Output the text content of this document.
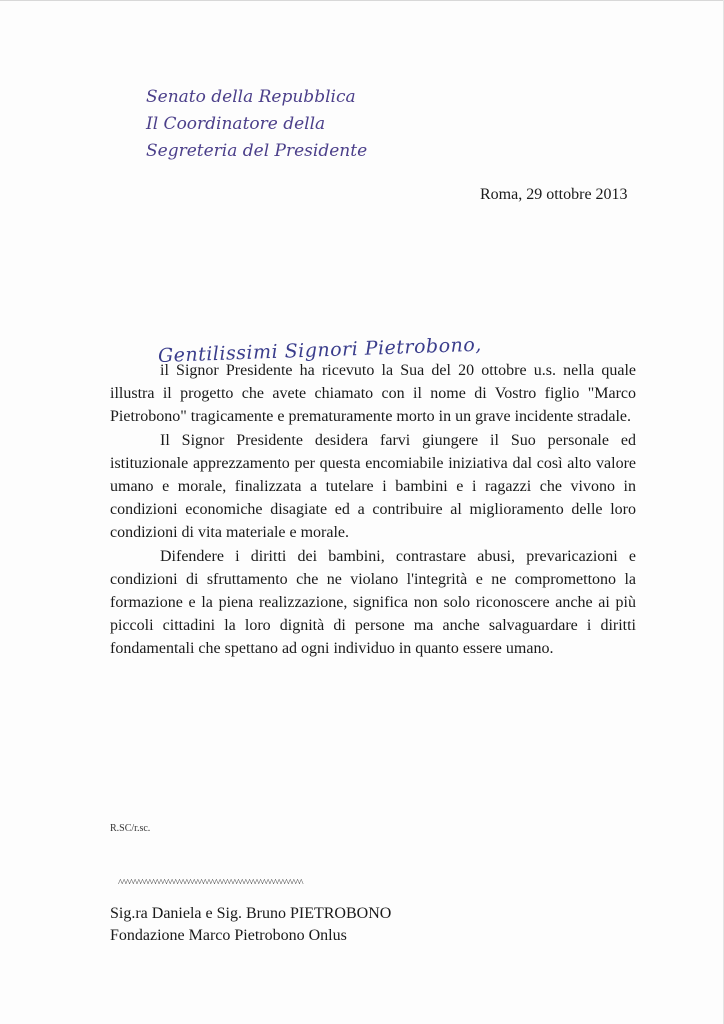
Senato della Repubblica
Il Coordinatore della
Segreteria del Presidente
Roma, 29 ottobre 2013
Gentilissimi Signori Pietrobono,

il Signor Presidente ha ricevuto la Sua del 20 ottobre u.s. nella quale illustra il progetto che avete chiamato con il nome di Vostro figlio "Marco Pietrobono" tragicamente e prematuramente morto in un grave incidente stradale.

Il Signor Presidente desidera farvi giungere il Suo personale ed istituzionale apprezzamento per questa encomiabile iniziativa dal così alto valore umano e morale, finalizzata a tutelare i bambini e i ragazzi che vivono in condizioni economiche disagiate ed a contribuire al miglioramento delle loro condizioni di vita materiale e morale.

Difendere i diritti dei bambini, contrastare abusi, prevaricazioni e condizioni di sfruttamento che ne violano l'integrità e ne compromettono la formazione e la piena realizzazione, significa non solo riconoscere anche ai più piccoli cittadini la loro dignità di persone ma anche salvaguardare i diritti fondamentali che spettano ad ogni individuo in quanto essere umano.

R.SC/r.sc.
^^^^^^^^^^^^^^^^^^^^^^^^^^^^^^^^^^^^^^^^^^^^^^^^^^
Sig.ra Daniela e Sig. Bruno PIETROBONO
Fondazione Marco Pietrobono Onlus
